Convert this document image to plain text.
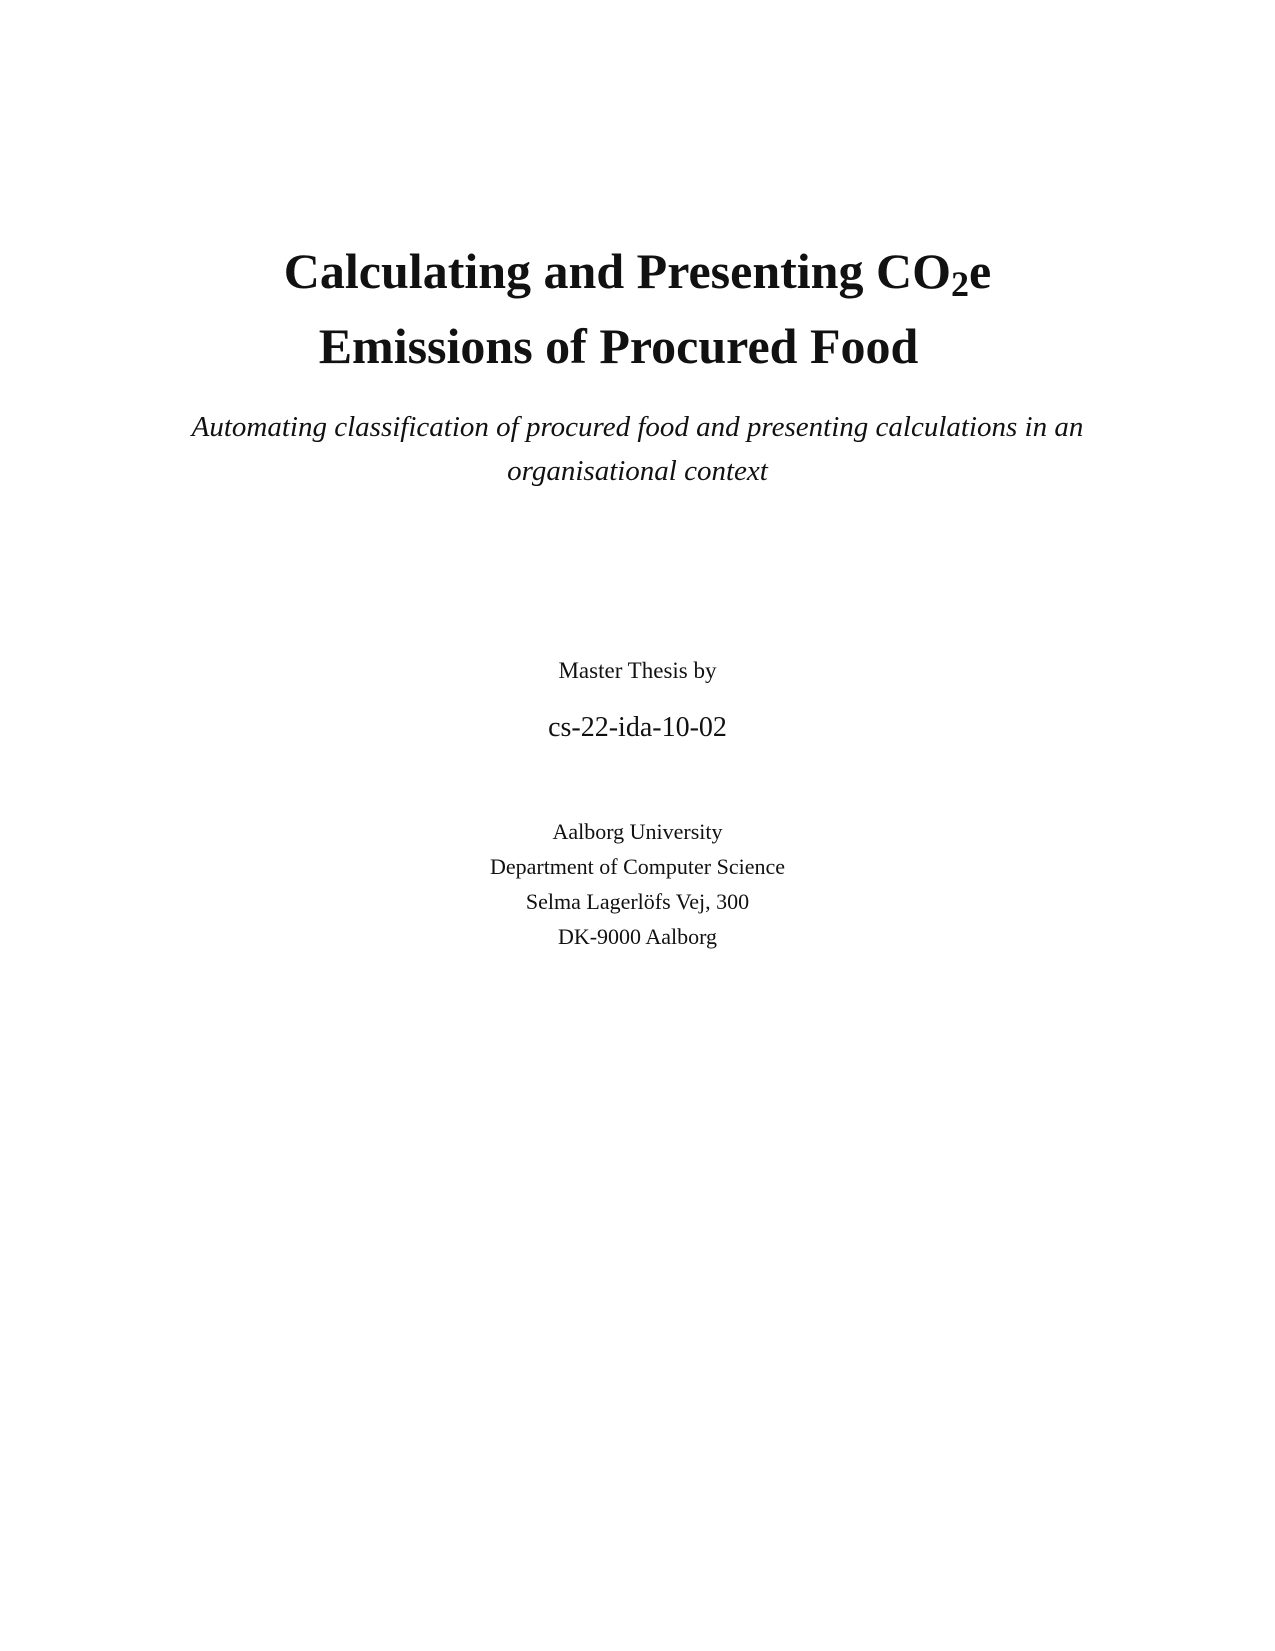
Calculating and Presenting CO2e
Emissions of Procured Food
Automating classification of procured food and presenting calculations in an
organisational context
Master Thesis by
cs-22-ida-10-02
Aalborg University
Department of Computer Science
Selma Lagerlöfs Vej, 300
DK-9000 Aalborg
